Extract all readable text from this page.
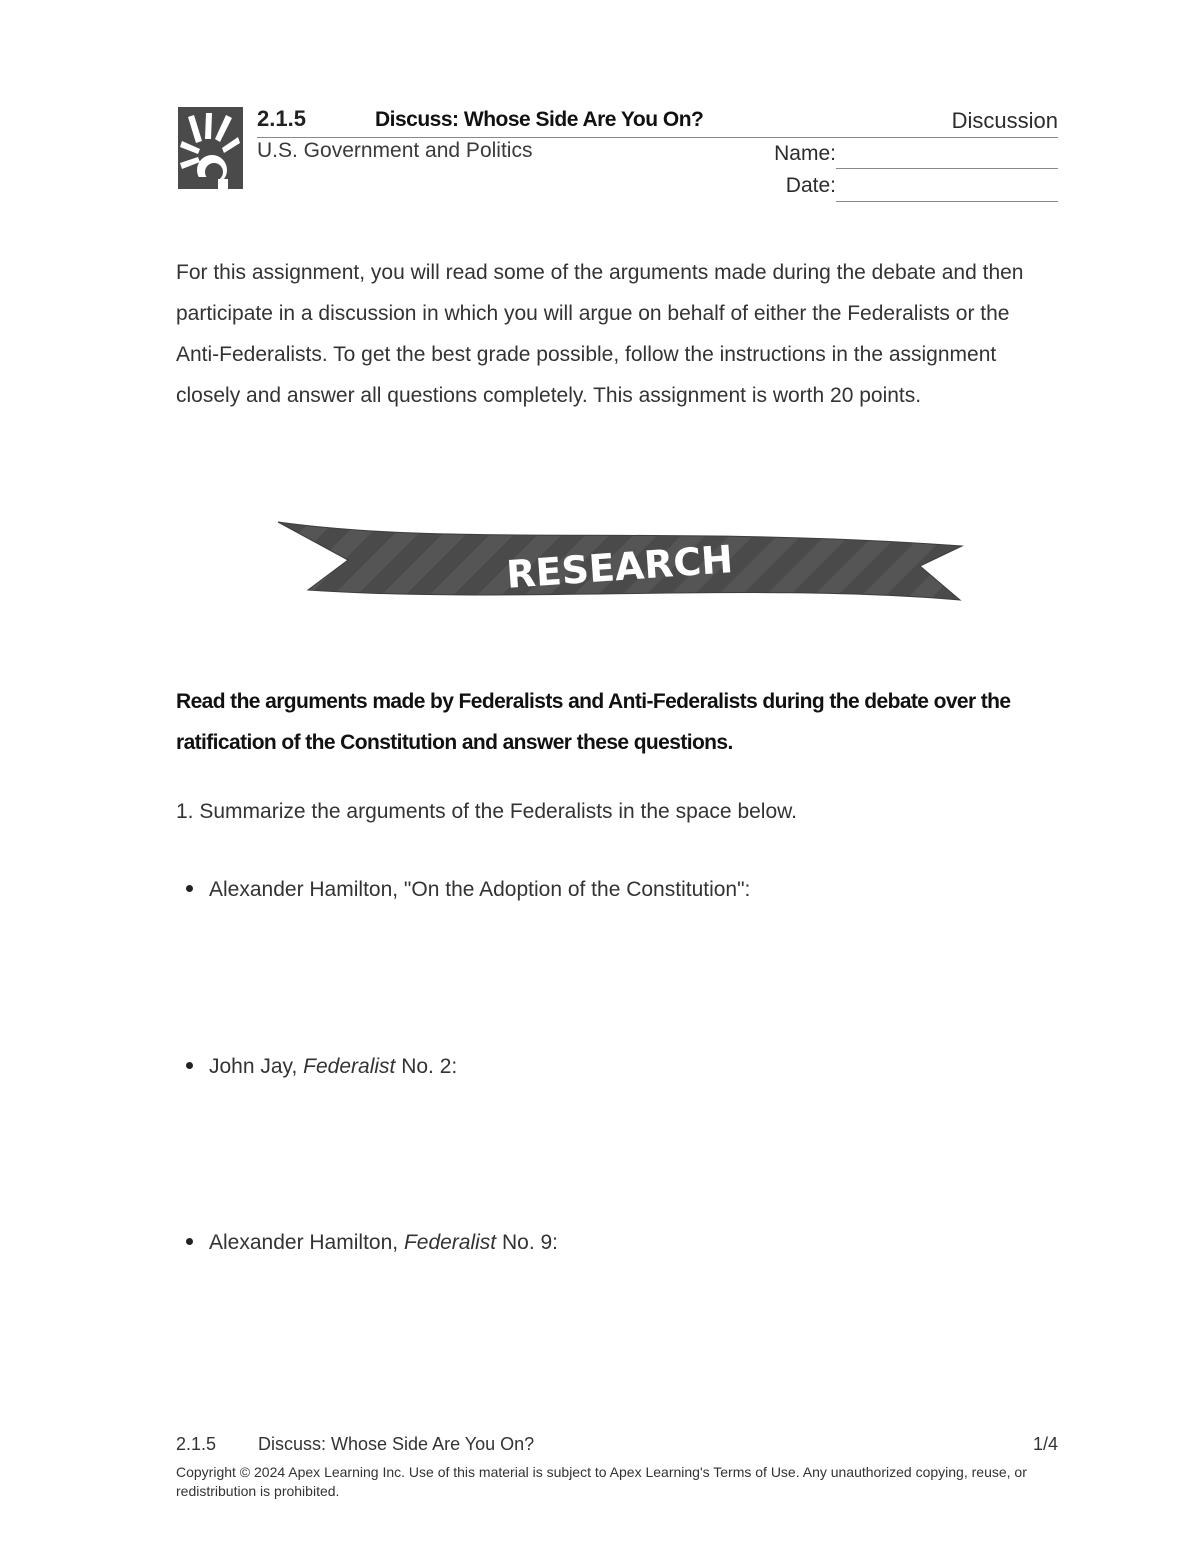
2.1.5	Discuss: Whose Side Are You On?	Discussion
U.S. Government and Politics	Name:
Date:
For this assignment, you will read some of the arguments made during the debate and then participate in a discussion in which you will argue on behalf of either the Federalists or the Anti-Federalists. To get the best grade possible, follow the instructions in the assignment closely and answer all questions completely. This assignment is worth 20 points.
RESEARCH
Read the arguments made by Federalists and Anti-Federalists during the debate over the ratification of the Constitution and answer these questions.
1. Summarize the arguments of the Federalists in the space below.
Alexander Hamilton, "On the Adoption of the Constitution":
John Jay, Federalist No. 2:
Alexander Hamilton, Federalist No. 9:
2.1.5 Discuss: Whose Side Are You On?	1/4
Copyright © 2024 Apex Learning Inc. Use of this material is subject to Apex Learning's Terms of Use. Any unauthorized copying, reuse, or redistribution is prohibited.
